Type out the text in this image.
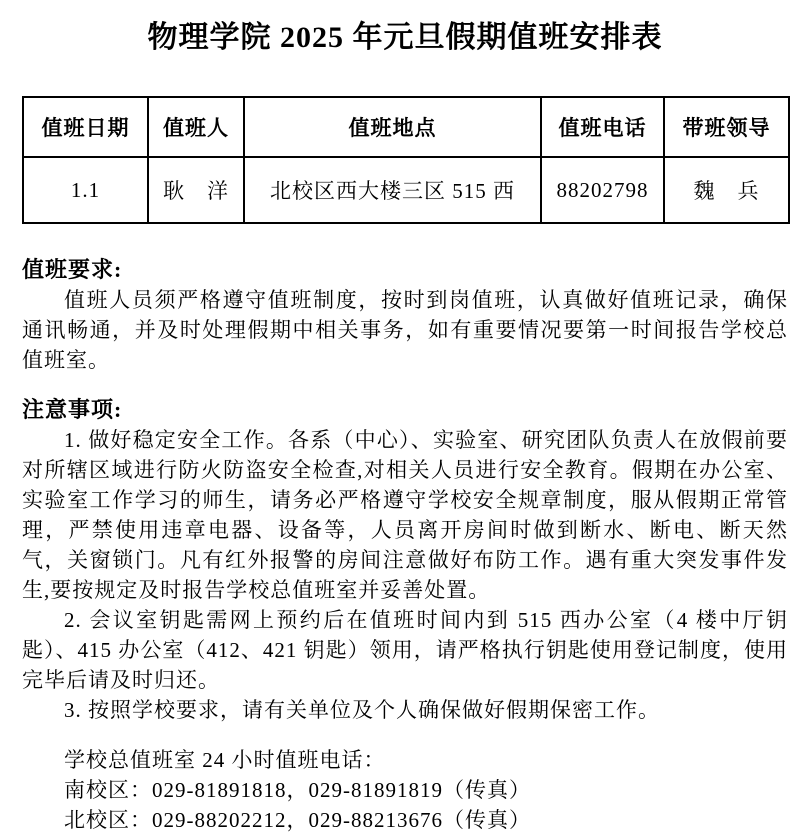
物理学院 2025 年元旦假期值班安排表
值班日期	值班人	值班地点	值班电话	带班领导
1.1	耿　洋	北校区西大楼三区 515 西	88202798	魏　兵
值班要求:

值班人员须严格遵守值班制度，按时到岗值班，认真做好值班记录，确保通讯畅通，并及时处理假期中相关事务，如有重要情况要第一时间报告学校总值班室。

注意事项:

1. 做好稳定安全工作。各系（中心）、实验室、研究团队负责人在放假前要对所辖区域进行防火防盗安全检查,对相关人员进行安全教育。假期在办公室、实验室工作学习的师生，请务必严格遵守学校安全规章制度，服从假期正常管理，严禁使用违章电器、设备等，人员离开房间时做到断水、断电、断天然气，关窗锁门。凡有红外报警的房间注意做好布防工作。遇有重大突发事件发生,要按规定及时报告学校总值班室并妥善处置。

2. 会议室钥匙需网上预约后在值班时间内到 515 西办公室（4 楼中厅钥匙）、415 办公室（412、421 钥匙）领用，请严格执行钥匙使用登记制度，使用完毕后请及时归还。

3. 按照学校要求，请有关单位及个人确保做好假期保密工作。

学校总值班室 24 小时值班电话：

南校区：029-81891818，029-81891819（传真）

北校区：029-88202212，029-88213676（传真）
